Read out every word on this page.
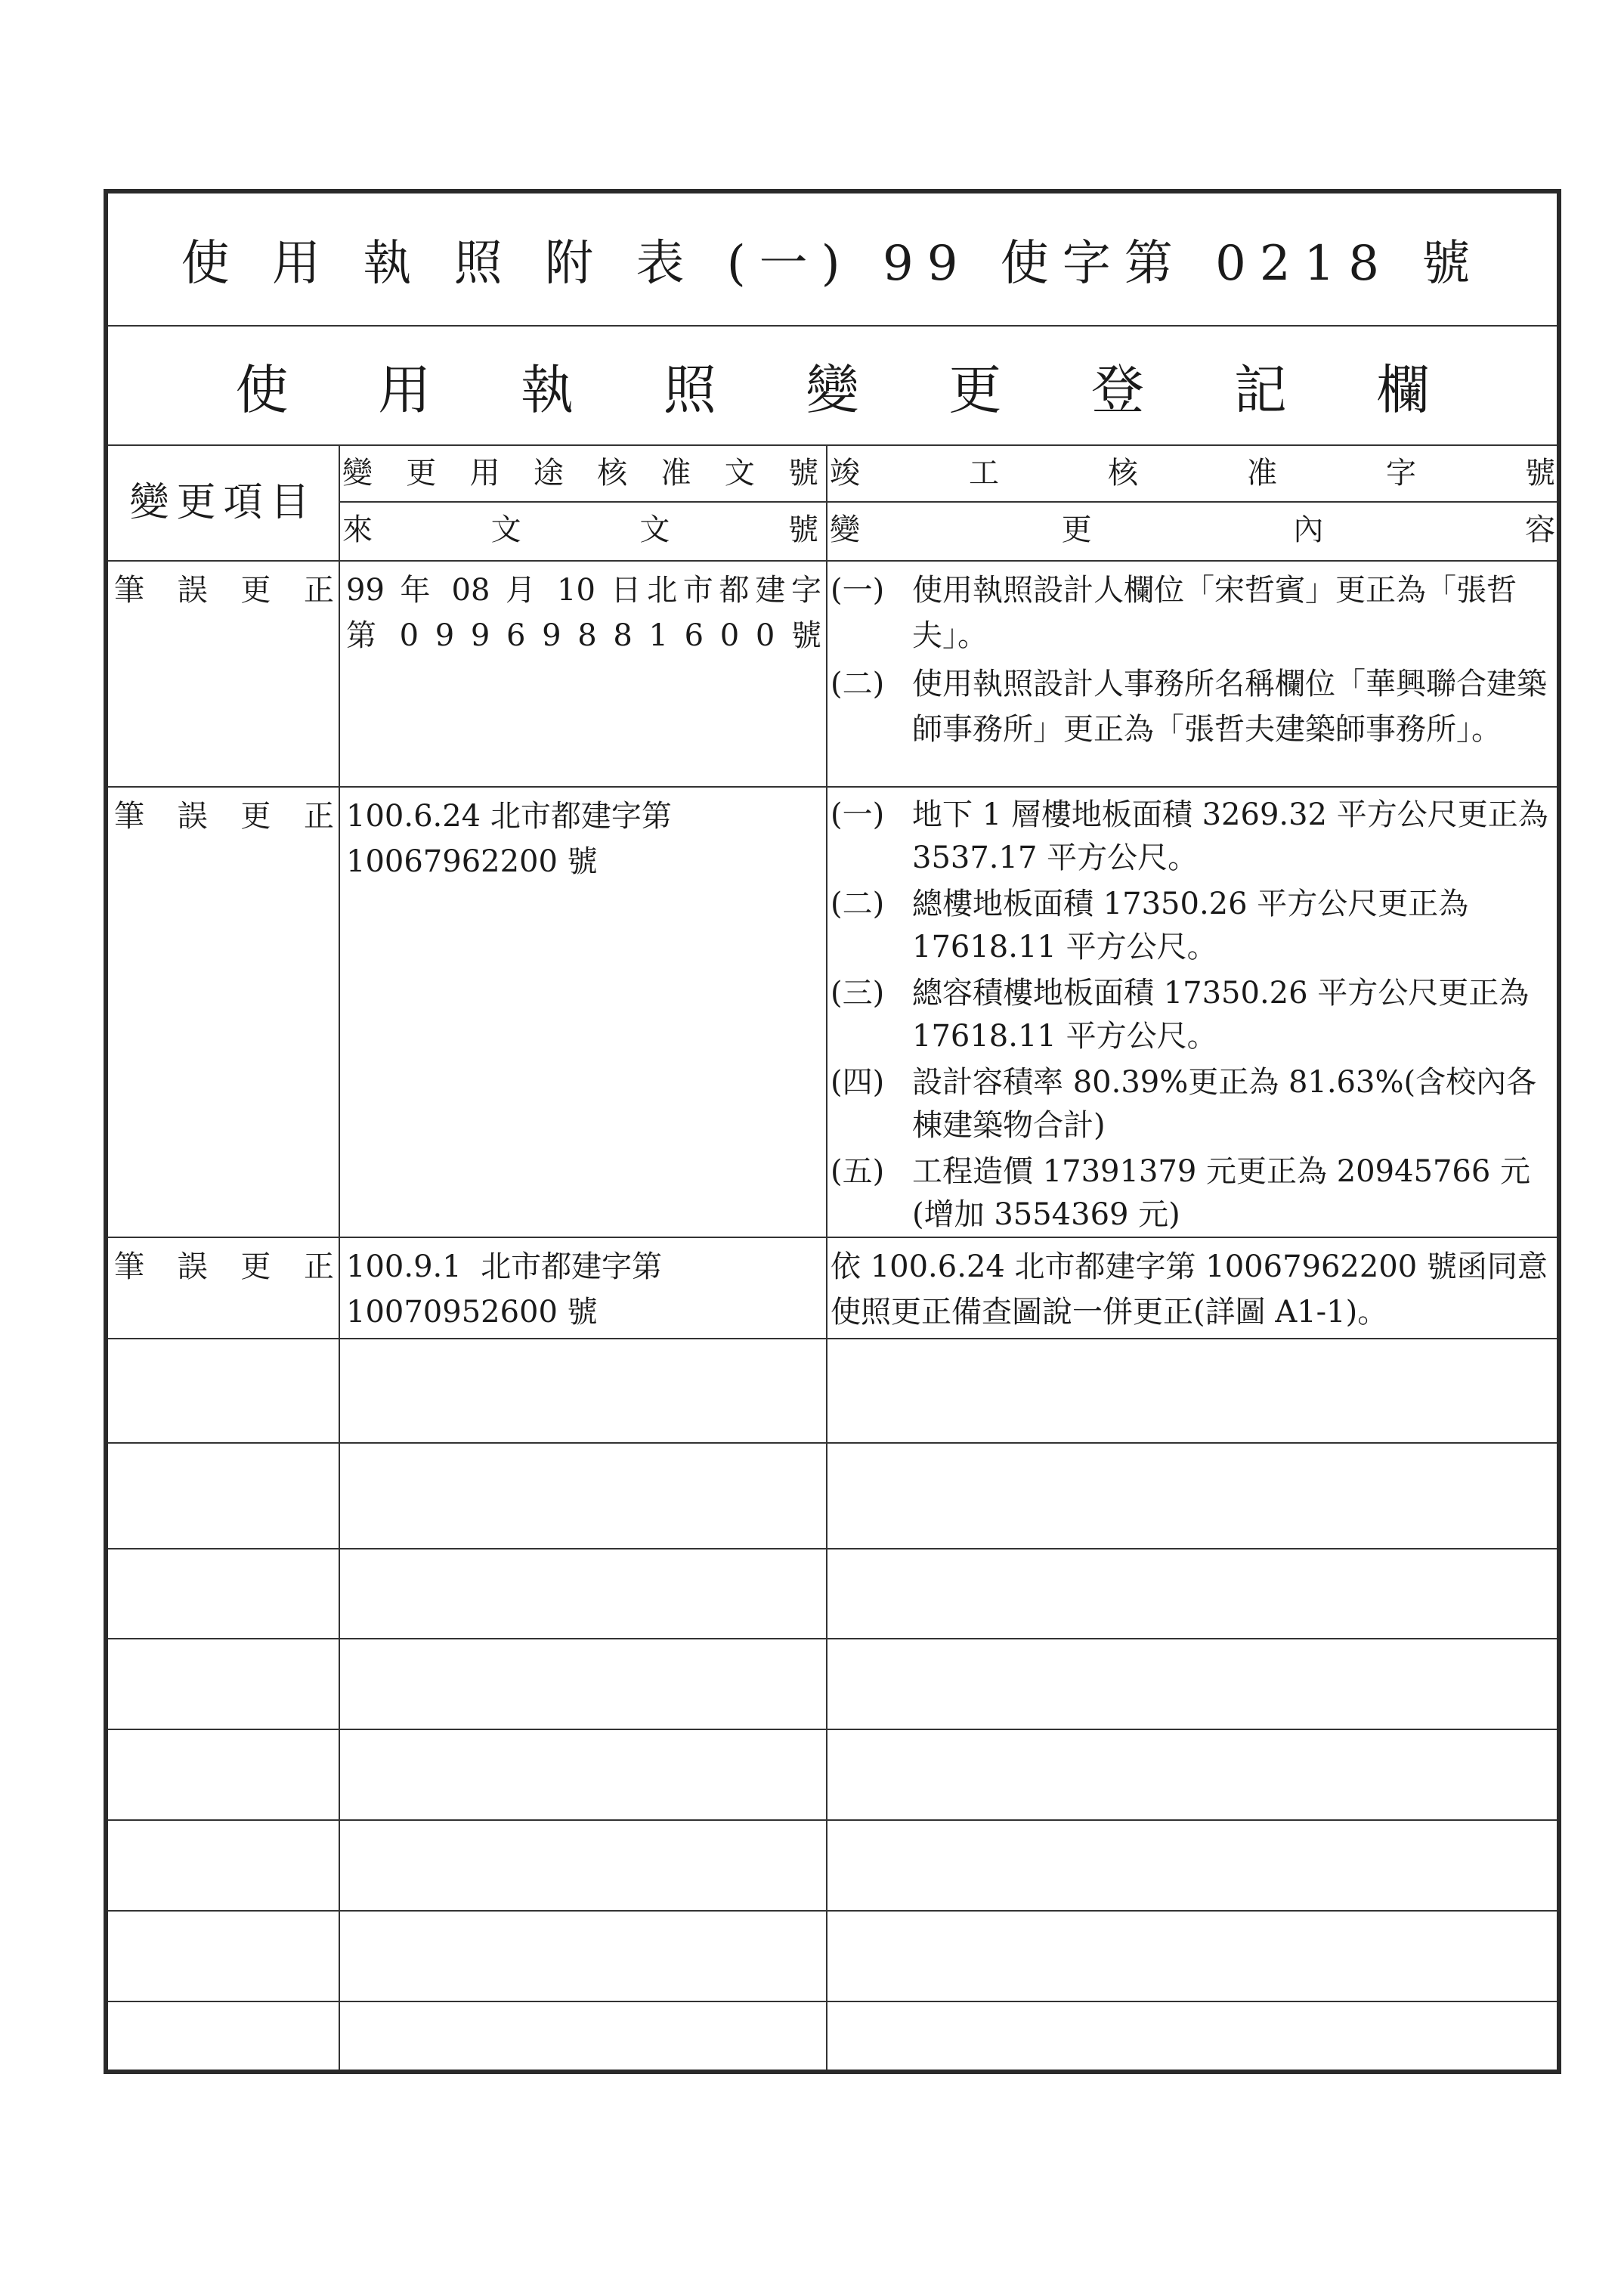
使 用 執 照 附 表 (一) 99 使字第 0218 號
使用執照變更登記欄
變更項目
變更用途核准文號
來文文號
竣工核准字號
變更內容
筆誤更正 99 年 08 月 10 日北市都建字
第 0 9 9 6 9 8 8 1 6 0 0 號
(一) 使用執照設計人欄位「宋哲賓」更正為「張哲夫」。
(二) 使用執照設計人事務所名稱欄位「華興聯合建築師事務所」更正為「張哲夫建築師事務所」。
筆誤更正 100.6.24 北市都建字第
10067962200 號
(一) 地下 1 層樓地板面積 3269.32 平方公尺更正為 3537.17 平方公尺。
(二) 總樓地板面積 17350.26 平方公尺更正為 17618.11 平方公尺。
(三) 總容積樓地板面積 17350.26 平方公尺更正為 17618.11 平方公尺。
(四) 設計容積率 80.39%更正為 81.63%(含校內各棟建築物合計)
(五) 工程造價 17391379 元更正為 20945766 元(增加 3554369 元)
筆誤更正 100.9.1  北市都建字第
10070952600 號
依 100.6.24 北市都建字第 10067962200 號函同意使照更正備查圖說一併更正(詳圖 A1-1)。
